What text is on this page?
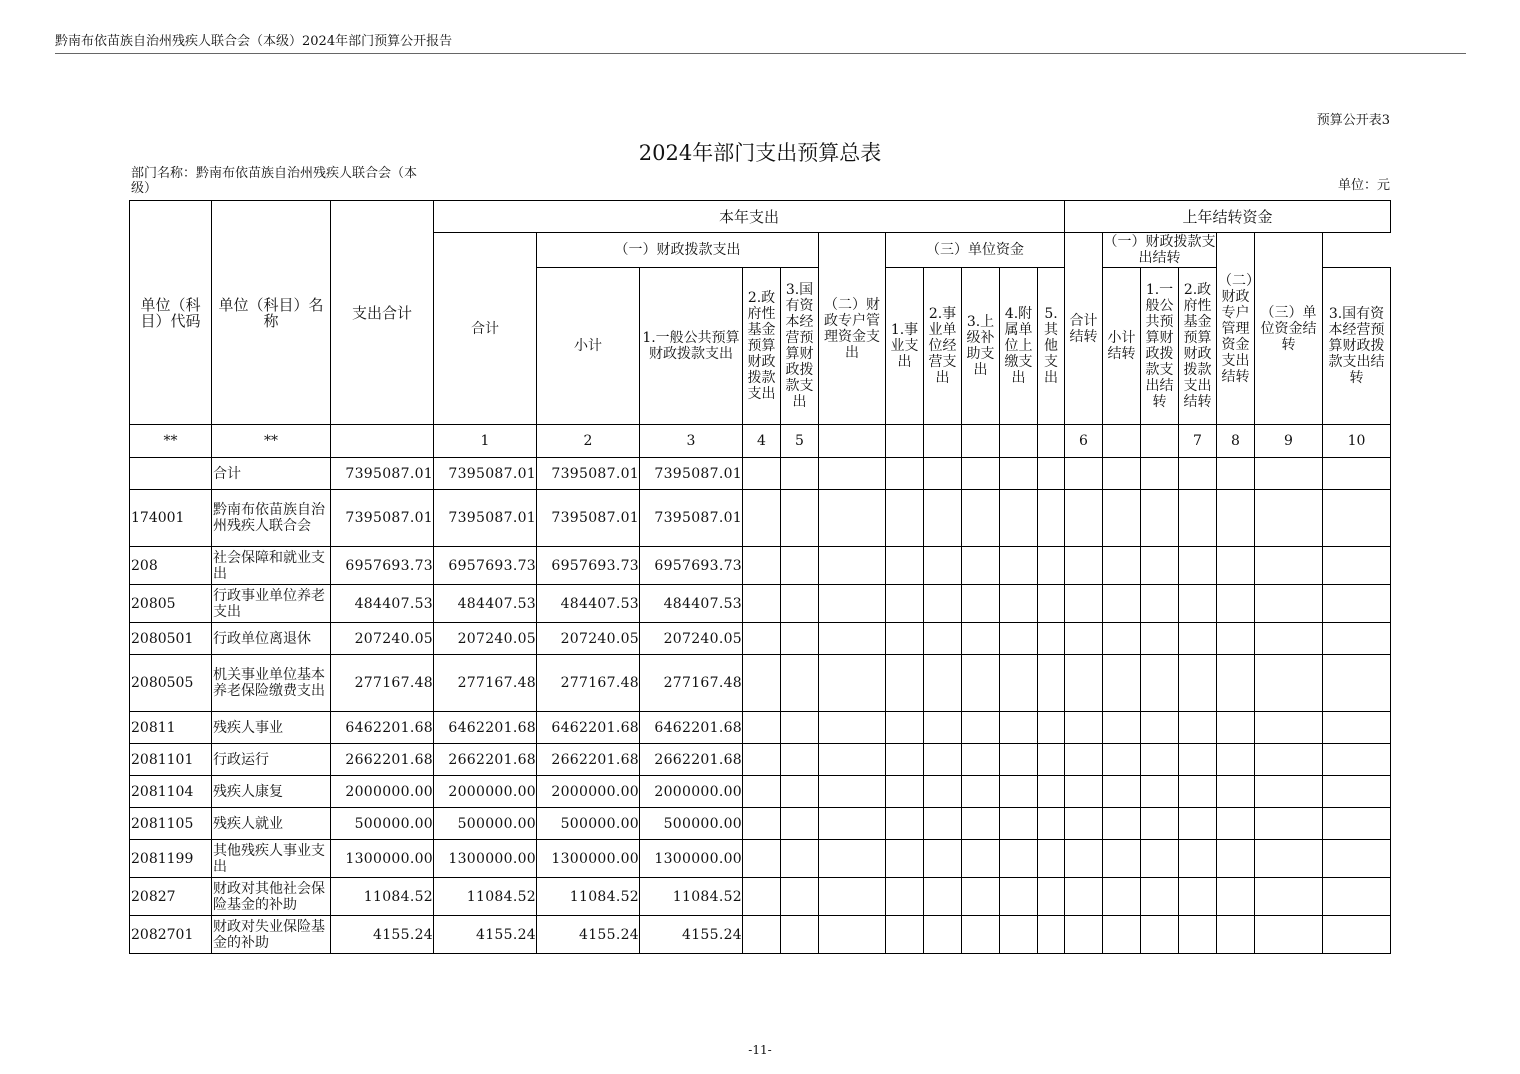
黔南布依苗族自治州残疾人联合会（本级）2024年部门预算公开报告
预算公开表3
2024年部门支出预算总表
部门名称：黔南布依苗族自治州残疾人联合会（本级）	单位：元
单位（科目）代码	单位（科目）名称	支出合计	本年支出											上年结转资金						
			合计	（一）财政拨款支出				（二）财政专户管理资金支出	（三）单位资金					合计结转	（一）财政拨款支出结转			（二）财政专户管理资金支出结转	（三）单位资金结转	
				小计	1.一般公共预算财政拨款支出	2.政府性基金预算财政拨款支出	3.国有资本经营预算财政拨款支出		1.事业支出	2.事业单位经营支出	3.上级补助支出	4.附属单位上缴支出	5.其他支出		小计结转	1.一般公共预算财政拨款支出结转	2.政府性基金预算财政拨款支出结转			3.国有资本经营预算财政拨款支出结转
**	**		1	2	3	4	5							6			7	8	9	10
	合计	7395087.01	7395087.01	7395087.01	7395087.01															
174001	黔南布依苗族自治州残疾人联合会	7395087.01	7395087.01	7395087.01	7395087.01															
208	社会保障和就业支出	6957693.73	6957693.73	6957693.73	6957693.73															
20805	行政事业单位养老支出	484407.53	484407.53	484407.53	484407.53															
2080501	行政单位离退休	207240.05	207240.05	207240.05	207240.05															
2080505	机关事业单位基本养老保险缴费支出	277167.48	277167.48	277167.48	277167.48															
20811	残疾人事业	6462201.68	6462201.68	6462201.68	6462201.68															
2081101	行政运行	2662201.68	2662201.68	2662201.68	2662201.68															
2081104	残疾人康复	2000000.00	2000000.00	2000000.00	2000000.00															
2081105	残疾人就业	500000.00	500000.00	500000.00	500000.00															
2081199	其他残疾人事业支出	1300000.00	1300000.00	1300000.00	1300000.00															
20827	财政对其他社会保险基金的补助	11084.52	11084.52	11084.52	11084.52															
2082701	财政对失业保险基金的补助	4155.24	4155.24	4155.24	4155.24															
-11-
